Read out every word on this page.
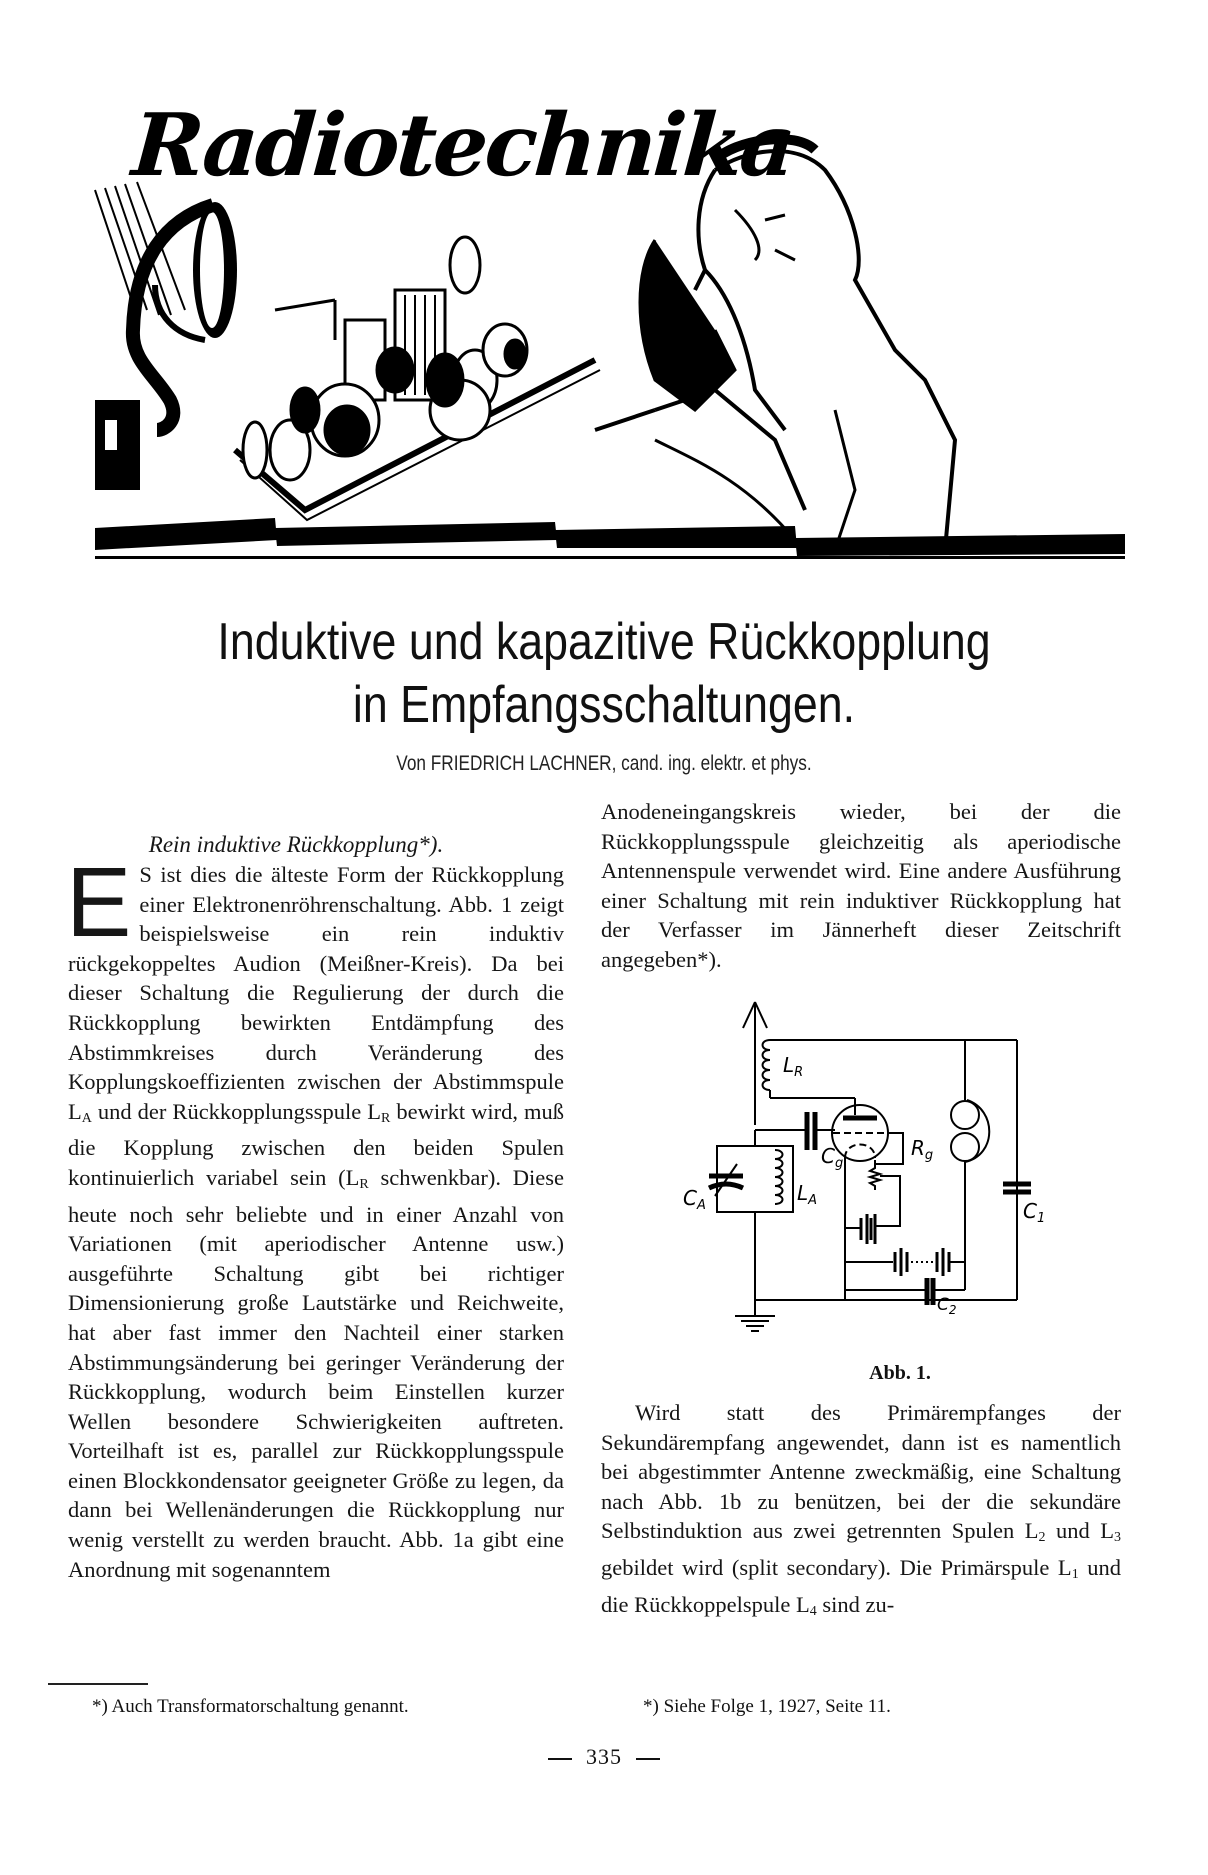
Radiotechnika
Induktive und kapazitive Rückkopplung
in Empfangsschaltungen.
Von FRIEDRICH LACHNER, cand. ing. elektr. et phys.

Rein induktive Rückkopplung*).

E S ist dies die älteste Form der Rückkopplung einer Elektronenröhrenschaltung. Abb. 1 zeigt beispielsweise ein rein induktiv rückgekoppeltes Audion (Meißner-Kreis). Da bei dieser Schaltung die Regulierung der durch die Rückkopplung bewirkten Entdämpfung des Abstimmkreises durch Veränderung des Kopplungskoeffizienten zwischen der Abstimmspule $L_A$ und der Rückkopplungsspule $L_R$ bewirkt wird, muß die Kopplung zwischen den beiden Spulen kontinuierlich variabel sein ($L_R$ schwenkbar). Diese heute noch sehr beliebte und in einer Anzahl von Variationen (mit aperiodischer Antenne usw.) ausgeführte Schaltung gibt bei richtiger Dimensionierung große Lautstärke und Reichweite, hat aber fast immer den Nachteil einer starken Abstimmungsänderung bei geringer Veränderung der Rückkopplung, wodurch beim Einstellen kurzer Wellen besondere Schwierigkeiten auftreten. Vorteilhaft ist es, parallel zur Rückkopplungsspule einen Blockkondensator geeigneter Größe zu legen, da dann bei Wellenänderungen die Rückkopplung nur wenig verstellt zu werden braucht. Abb. 1a gibt eine Anordnung mit sogenanntem

Anodeneingangskreis wieder, bei der die Rückkopplungsspule gleichzeitig als aperiodische Antennenspule verwendet wird. Eine andere Ausführung einer Schaltung mit rein induktiver Rückkopplung hat der Verfasser im Jännerheft dieser Zeitschrift angegeben*).

$L_R$
$L_A$
$C_A$
$C_g$
$R_g$
$C_1$
$C_2$
Abb. 1.

Wird statt des Primärempfanges der Sekundärempfang angewendet, dann ist es namentlich bei abgestimmter Antenne zweckmäßig, eine Schaltung nach Abb. 1b zu benützen, bei der die sekundäre Selbstinduktion aus zwei getrennten Spulen $L_2$ und $L_3$ gebildet wird (split secondary). Die Primärspule $L_1$ und die Rückkoppelspule $L_4$ sind zu-

*) Auch Transformatorschaltung genannt.	*) Siehe Folge 1, 1927, Seite 11.
335
